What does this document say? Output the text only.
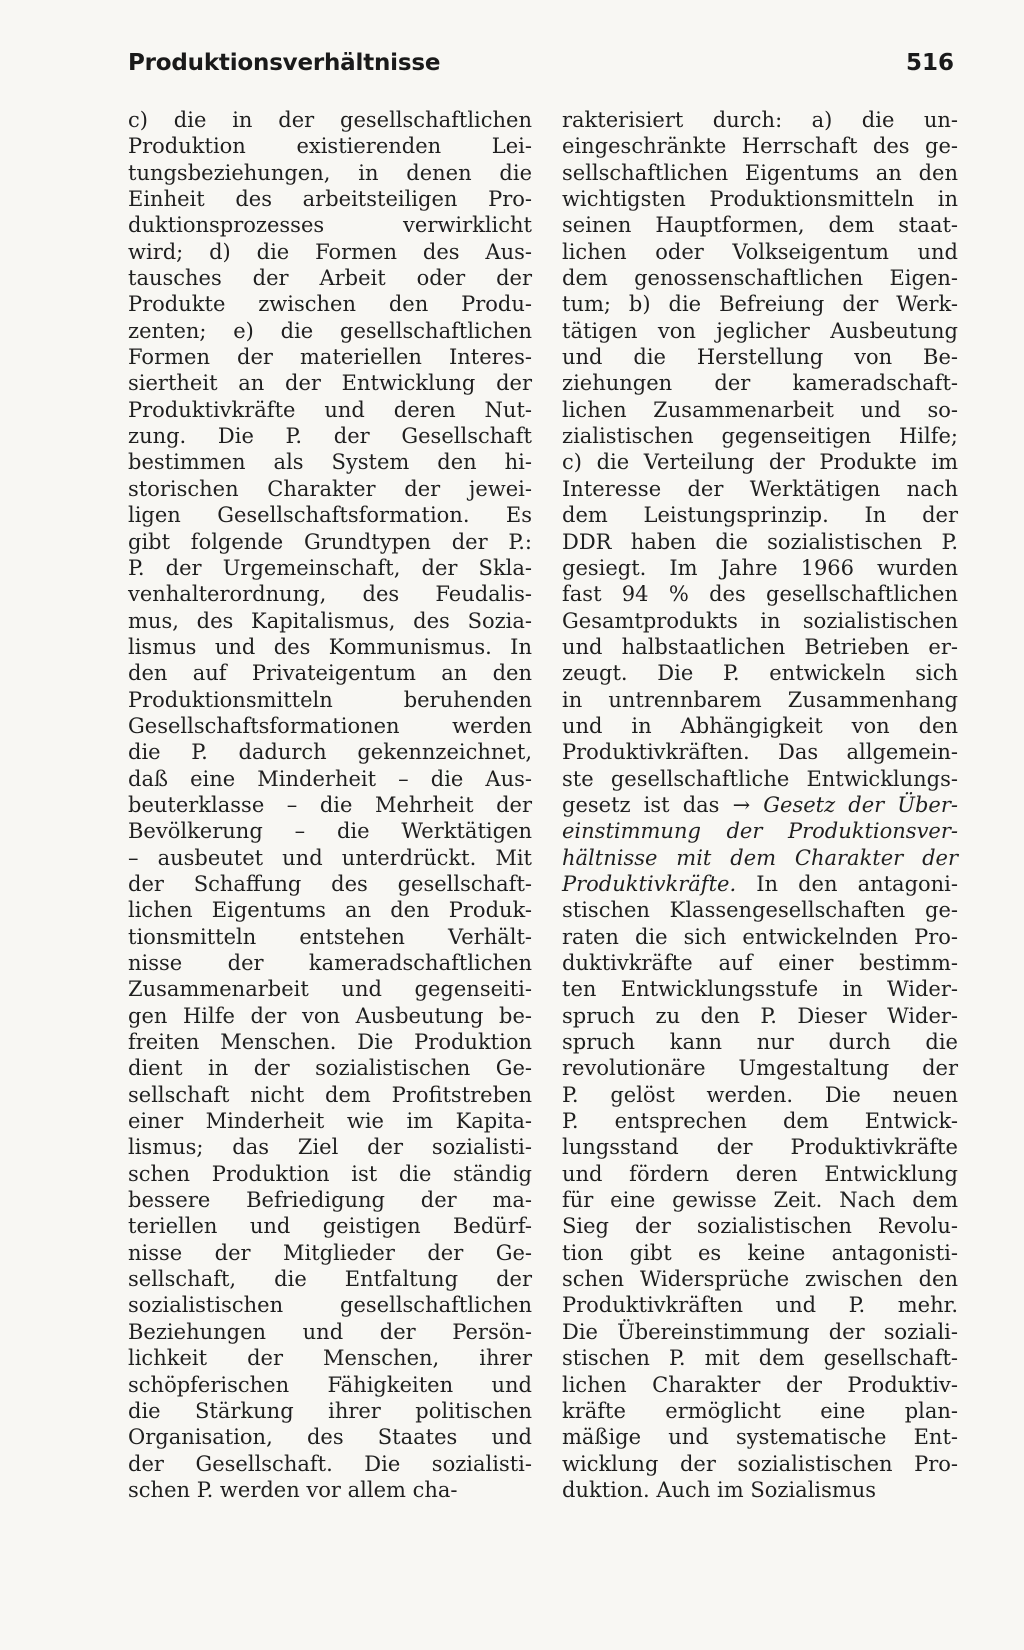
Produktionsverhältnisse	516
c) die in der gesellschaftlichen
Produktion existierenden Lei-
tungsbeziehungen, in denen die
Einheit des arbeitsteiligen Pro-
duktionsprozesses verwirklicht
wird; d) die Formen des Aus-
tausches der Arbeit oder der
Produkte zwischen den Produ-
zenten; e) die gesellschaftlichen
Formen der materiellen Interes-
siertheit an der Entwicklung der
Produktivkräfte und deren Nut-
zung. Die P. der Gesellschaft
bestimmen als System den hi-
storischen Charakter der jewei-
ligen Gesellschaftsformation. Es
gibt folgende Grundtypen der P.:
P. der Urgemeinschaft, der Skla-
venhalterordnung, des Feudalis-
mus, des Kapitalismus, des Sozia-
lismus und des Kommunismus. In
den auf Privateigentum an den
Produktionsmitteln beruhenden
Gesellschaftsformationen werden
die P. dadurch gekennzeichnet,
daß eine Minderheit – die Aus-
beuterklasse – die Mehrheit der
Bevölkerung – die Werktätigen
– ausbeutet und unterdrückt. Mit
der Schaffung des gesellschaft-
lichen Eigentums an den Produk-
tionsmitteln entstehen Verhält-
nisse der kameradschaftlichen
Zusammenarbeit und gegenseiti-
gen Hilfe der von Ausbeutung be-
freiten Menschen. Die Produktion
dient in der sozialistischen Ge-
sellschaft nicht dem Profitstreben
einer Minderheit wie im Kapita-
lismus; das Ziel der sozialisti-
schen Produktion ist die ständig
bessere Befriedigung der ma-
teriellen und geistigen Bedürf-
nisse der Mitglieder der Ge-
sellschaft, die Entfaltung der
sozialistischen gesellschaftlichen
Beziehungen und der Persön-
lichkeit der Menschen, ihrer
schöpferischen Fähigkeiten und
die Stärkung ihrer politischen
Organisation, des Staates und
der Gesellschaft. Die sozialisti-
schen P. werden vor allem cha-
rakterisiert durch: a) die un-
eingeschränkte Herrschaft des ge-
sellschaftlichen Eigentums an den
wichtigsten Produktionsmitteln in
seinen Hauptformen, dem staat-
lichen oder Volkseigentum und
dem genossenschaftlichen Eigen-
tum; b) die Befreiung der Werk-
tätigen von jeglicher Ausbeutung
und die Herstellung von Be-
ziehungen der kameradschaft-
lichen Zusammenarbeit und so-
zialistischen gegenseitigen Hilfe;
c) die Verteilung der Produkte im
Interesse der Werktätigen nach
dem Leistungsprinzip. In der
DDR haben die sozialistischen P.
gesiegt. Im Jahre 1966 wurden
fast 94 % des gesellschaftlichen
Gesamtprodukts in sozialistischen
und halbstaatlichen Betrieben er-
zeugt. Die P. entwickeln sich
in untrennbarem Zusammenhang
und in Abhängigkeit von den
Produktivkräften. Das allgemein-
ste gesellschaftliche Entwicklungs-
gesetz ist das → Gesetz der Über-
einstimmung der Produktionsver-
hältnisse mit dem Charakter der
Produktivkräfte. In den antagoni-
stischen Klassengesellschaften ge-
raten die sich entwickelnden Pro-
duktivkräfte auf einer bestimm-
ten Entwicklungsstufe in Wider-
spruch zu den P. Dieser Wider-
spruch kann nur durch die
revolutionäre Umgestaltung der
P. gelöst werden. Die neuen
P. entsprechen dem Entwick-
lungsstand der Produktivkräfte
und fördern deren Entwicklung
für eine gewisse Zeit. Nach dem
Sieg der sozialistischen Revolu-
tion gibt es keine antagonisti-
schen Widersprüche zwischen den
Produktivkräften und P. mehr.
Die Übereinstimmung der soziali-
stischen P. mit dem gesellschaft-
lichen Charakter der Produktiv-
kräfte ermöglicht eine plan-
mäßige und systematische Ent-
wicklung der sozialistischen Pro-
duktion. Auch im Sozialismus
